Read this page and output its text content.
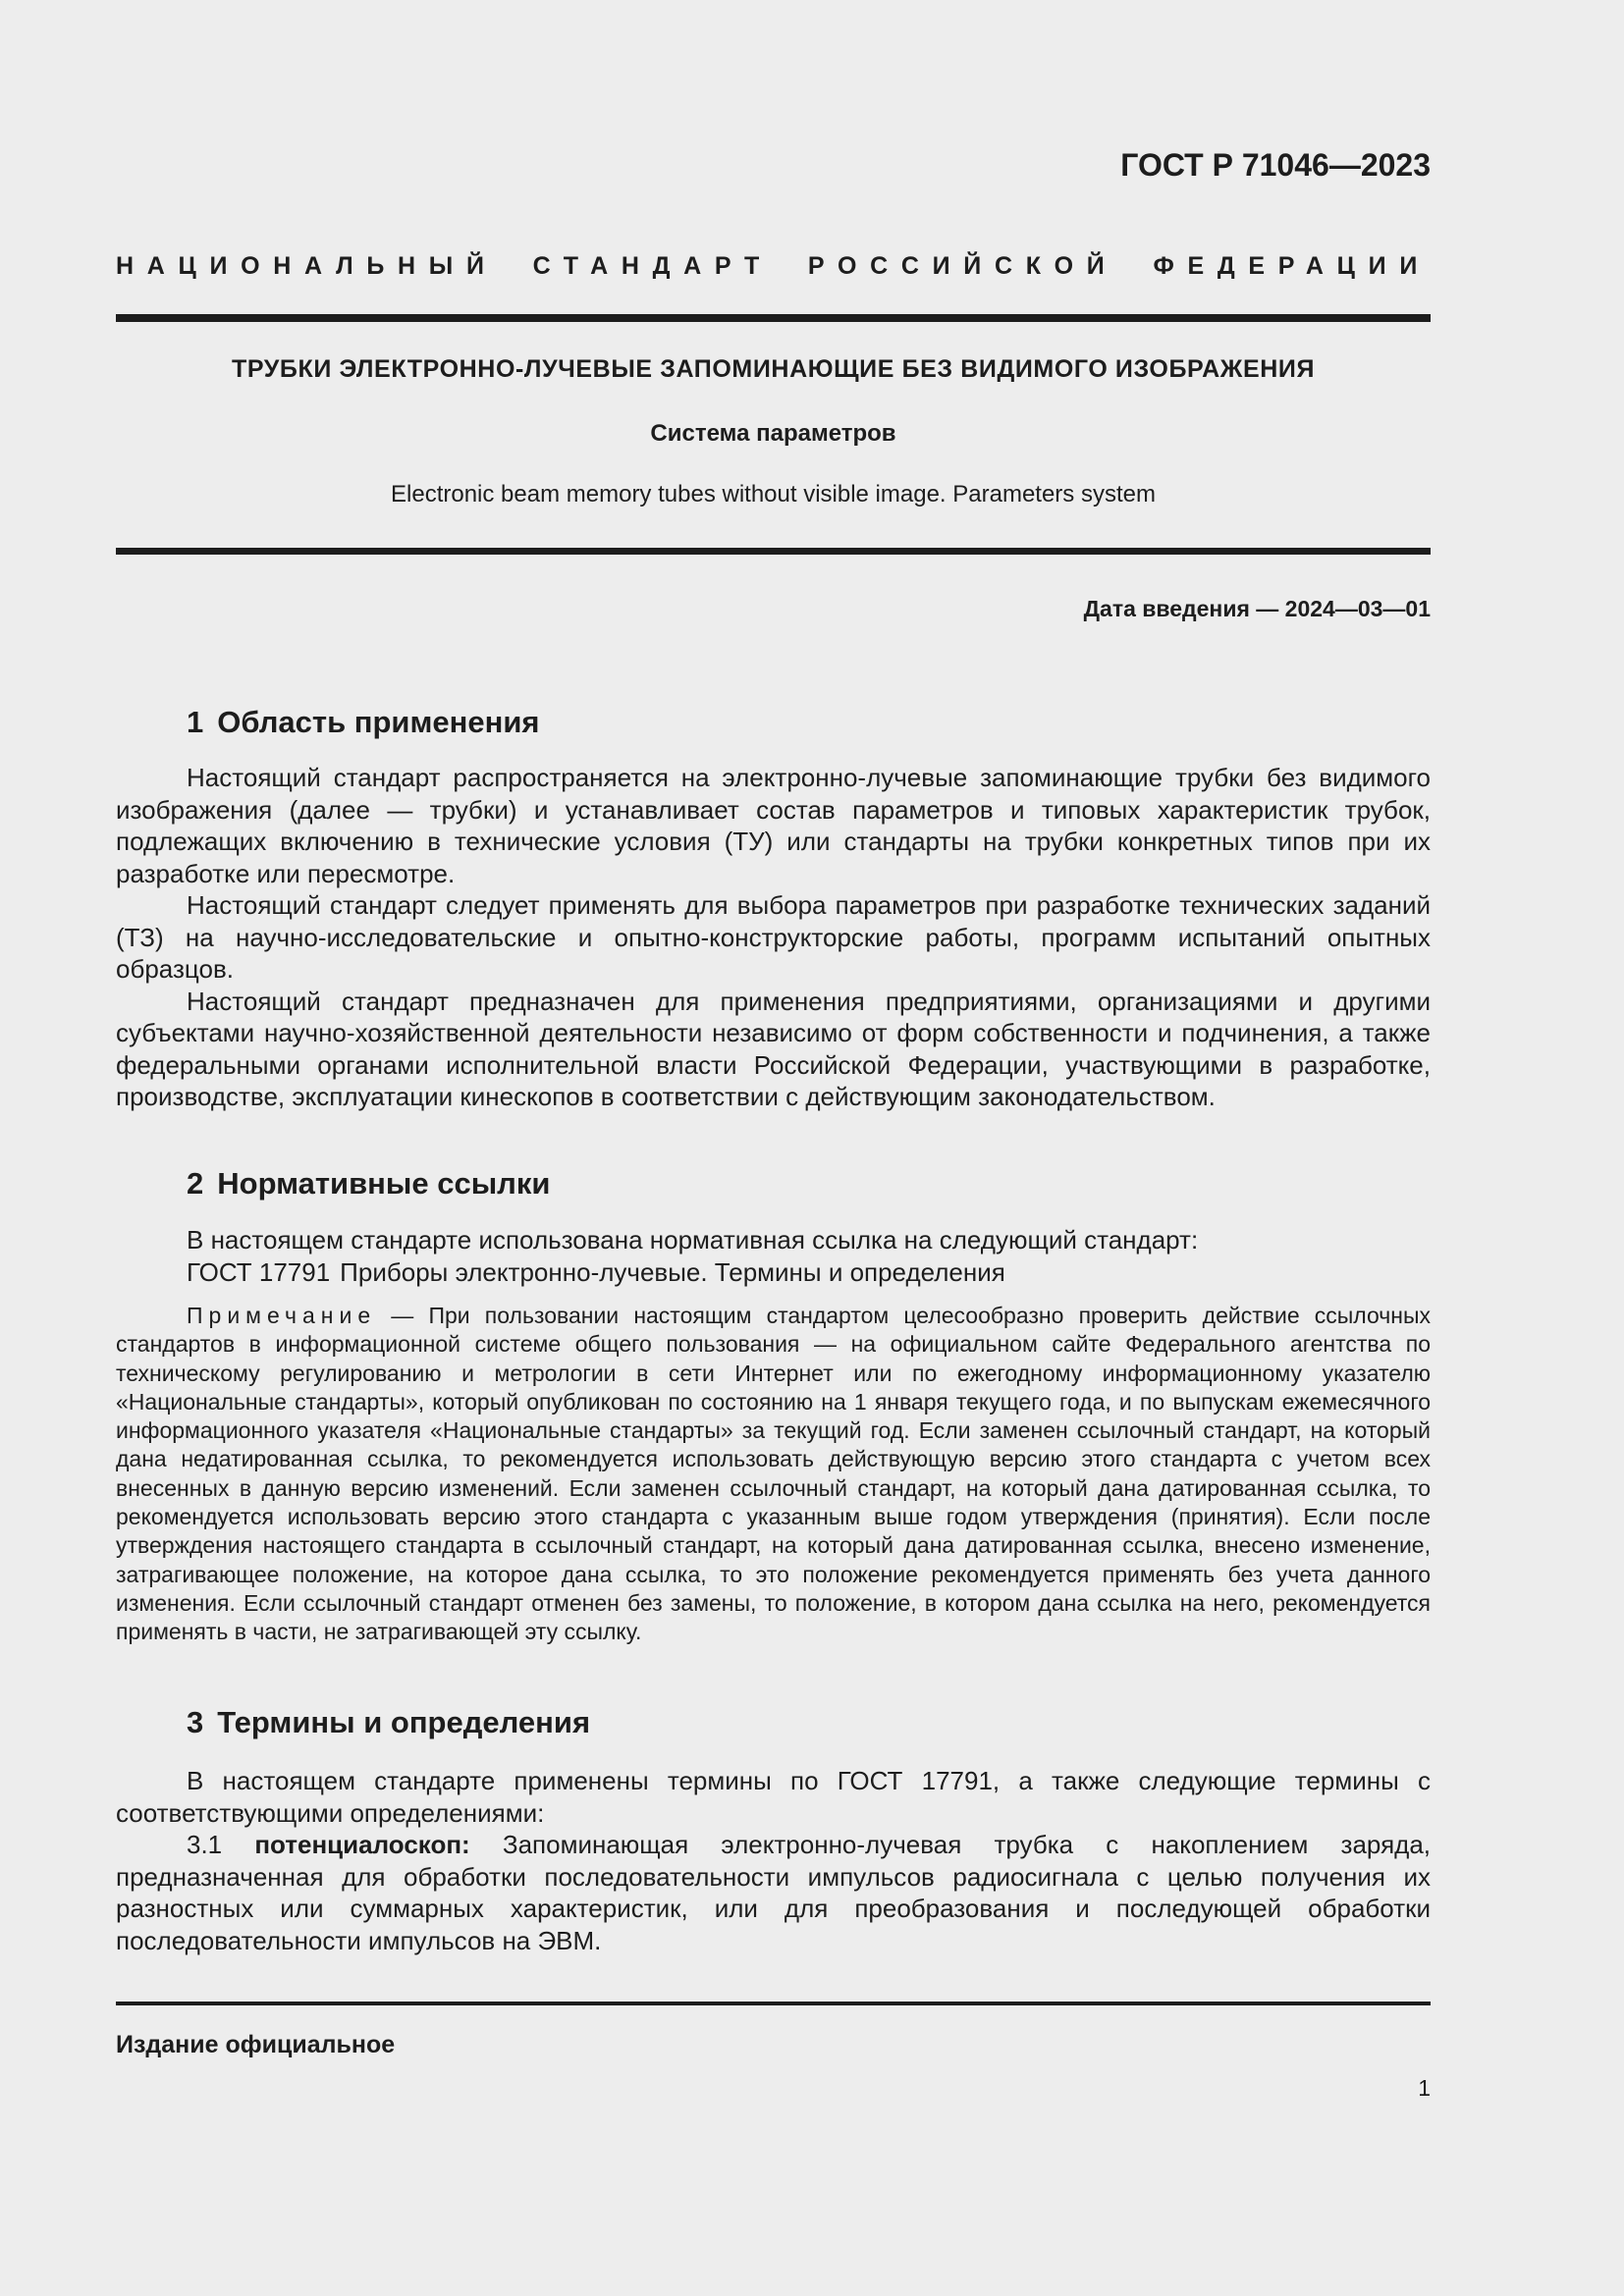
ГОСТ Р 71046—2023
НАЦИОНАЛЬНЫЙ СТАНДАРТ РОССИЙСКОЙ ФЕДЕРАЦИИ
ТРУБКИ ЭЛЕКТРОННО-ЛУЧЕВЫЕ ЗАПОМИНАЮЩИЕ БЕЗ ВИДИМОГО ИЗОБРАЖЕНИЯ
Система параметров
Electronic beam memory tubes without visible image. Parameters system
Дата введения — 2024—03—01
1 Область применения

Настоящий стандарт распространяется на электронно-лучевые запоминающие трубки без видимого изображения (далее — трубки) и устанавливает состав параметров и типовых характеристик трубок, подлежащих включению в технические условия (ТУ) или стандарты на трубки конкретных типов при их разработке или пересмотре.

Настоящий стандарт следует применять для выбора параметров при разработке технических заданий (ТЗ) на научно-исследовательские и опытно-конструкторские работы, программ испытаний опытных образцов.

Настоящий стандарт предназначен для применения предприятиями, организациями и другими субъектами научно-хозяйственной деятельности независимо от форм собственности и подчинения, а также федеральными органами исполнительной власти Российской Федерации, участвующими в разработке, производстве, эксплуатации кинескопов в соответствии с действующим законодательством.

2 Нормативные ссылки

В настоящем стандарте использована нормативная ссылка на следующий стандарт:

ГОСТ 17791 Приборы электронно-лучевые. Термины и определения

Примечание — При пользовании настоящим стандартом целесообразно проверить действие ссылочных стандартов в информационной системе общего пользования — на официальном сайте Федерального агентства по техническому регулированию и метрологии в сети Интернет или по ежегодному информационному указателю «Национальные стандарты», который опубликован по состоянию на 1 января текущего года, и по выпускам ежемесячного информационного указателя «Национальные стандарты» за текущий год. Если заменен ссылочный стандарт, на который дана недатированная ссылка, то рекомендуется использовать действующую версию этого стандарта с учетом всех внесенных в данную версию изменений. Если заменен ссылочный стандарт, на который дана датированная ссылка, то рекомендуется использовать версию этого стандарта с указанным выше годом утверждения (принятия). Если после утверждения настоящего стандарта в ссылочный стандарт, на который дана датированная ссылка, внесено изменение, затрагивающее положение, на которое дана ссылка, то это положение рекомендуется применять без учета данного изменения. Если ссылочный стандарт отменен без замены, то положение, в котором дана ссылка на него, рекомендуется применять в части, не затрагивающей эту ссылку.
3 Термины и определения

В настоящем стандарте применены термины по ГОСТ 17791, а также следующие термины с соответствующими определениями:

3.1 потенциалоскоп: Запоминающая электронно-лучевая трубка с накоплением заряда, предназначенная для обработки последовательности импульсов радиосигнала с целью получения их разностных или суммарных характеристик, или для преобразования и последующей обработки последовательности импульсов на ЭВМ.

Издание официальное
1
